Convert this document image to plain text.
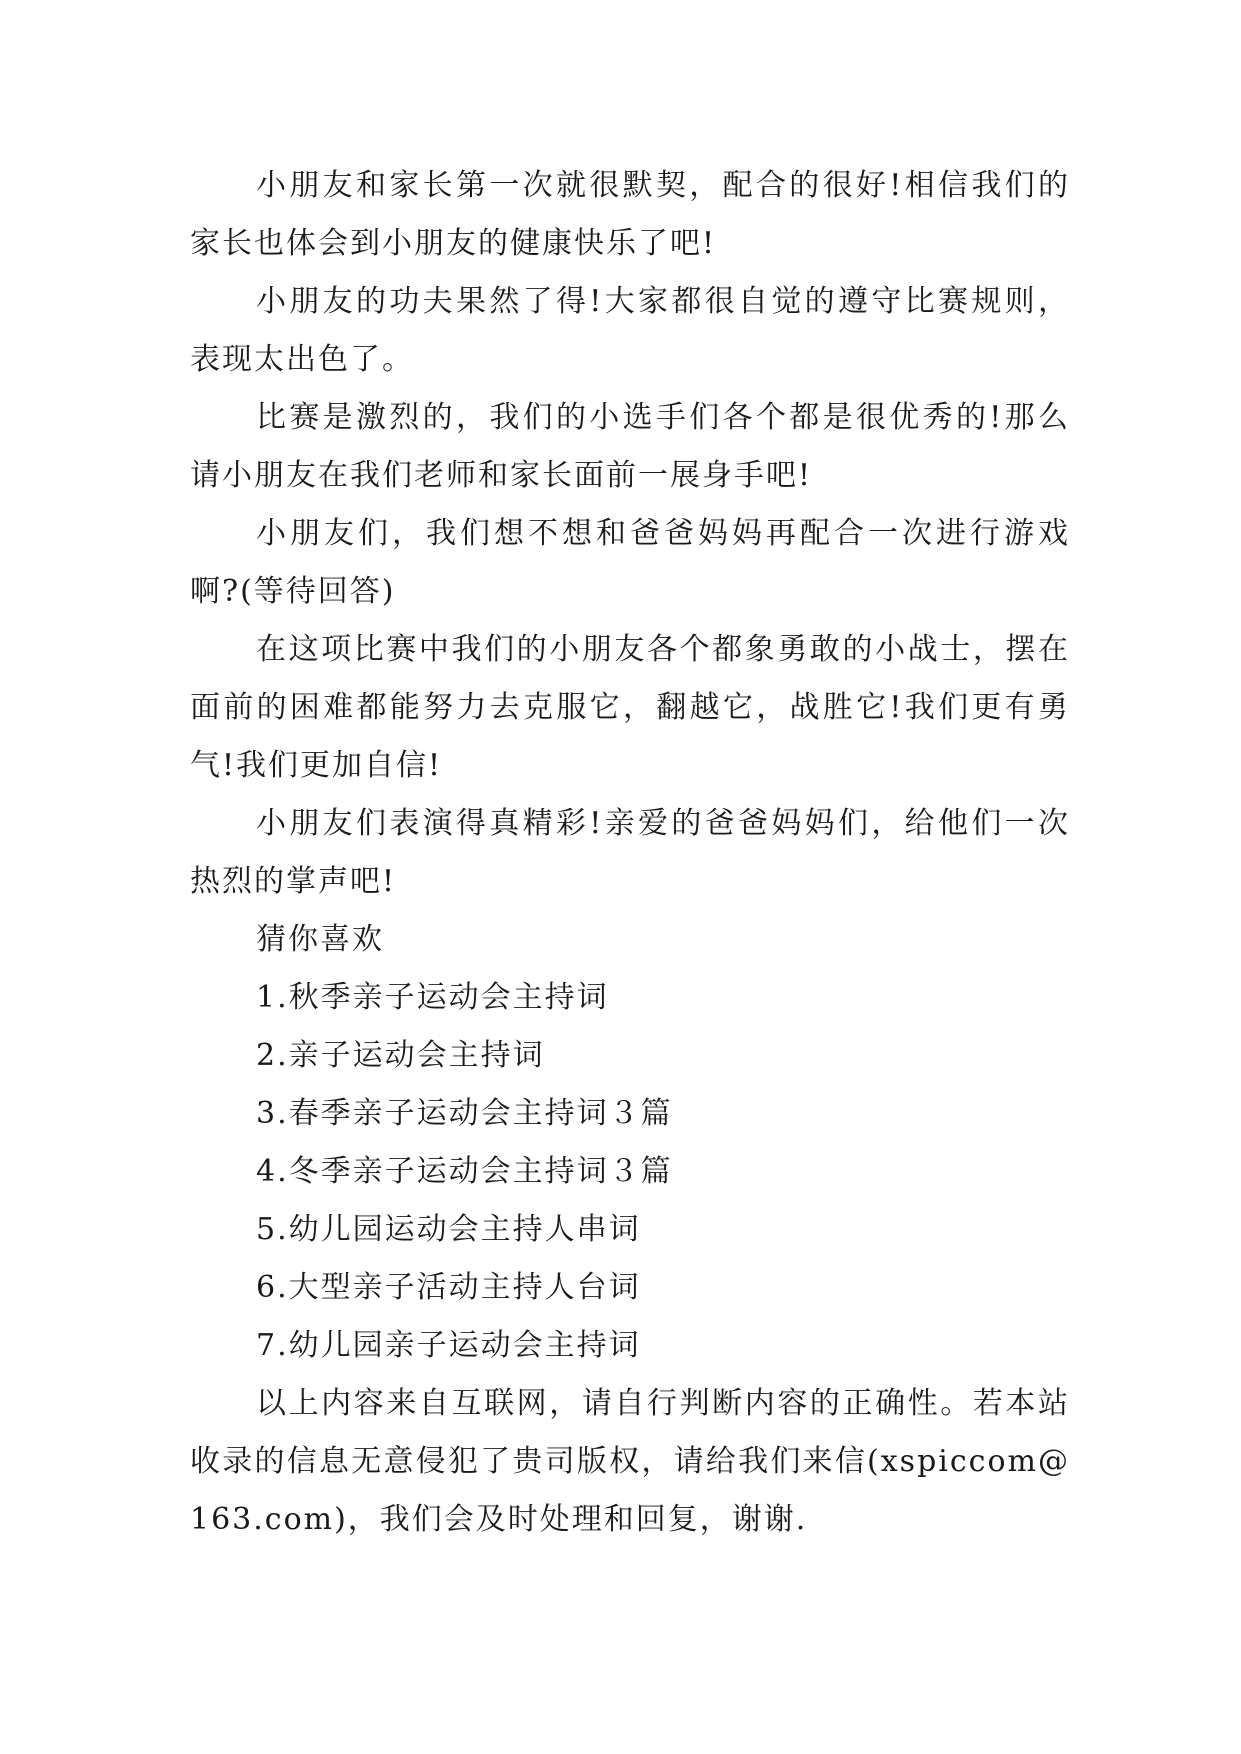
小朋友和家长第一次就很默契，配合的很好!相信我们的家长也体会到小朋友的健康快乐了吧!

小朋友的功夫果然了得!大家都很自觉的遵守比赛规则，表现太出色了。

比赛是激烈的，我们的小选手们各个都是很优秀的!那么请小朋友在我们老师和家长面前一展身手吧!

小朋友们，我们想不想和爸爸妈妈再配合一次进行游戏啊?(等待回答)

在这项比赛中我们的小朋友各个都象勇敢的小战士，摆在面前的困难都能努力去克服它，翻越它，战胜它!我们更有勇气!我们更加自信!

小朋友们表演得真精彩!亲爱的爸爸妈妈们，给他们一次热烈的掌声吧!

猜你喜欢

1.秋季亲子运动会主持词
2.亲子运动会主持词
3.春季亲子运动会主持词３篇
4.冬季亲子运动会主持词３篇
5.幼儿园运动会主持人串词
6.大型亲子活动主持人台词
7.幼儿园亲子运动会主持词

以上内容来自互联网，请自行判断内容的正确性。若本站收录的信息无意侵犯了贵司版权，请给我们来信(xspiccom@163.com)，我们会及时处理和回复，谢谢.
